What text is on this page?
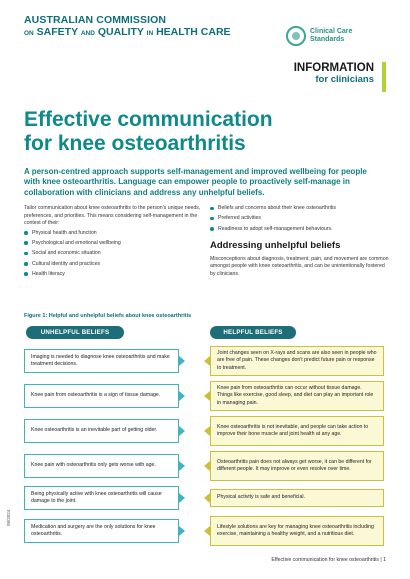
AUSTRALIAN COMMISSION
ON SAFETY AND QUALITY IN HEALTH CARE	Clinical Care
Standards
INFORMATION
for clinicians
Effective communication
for knee osteoarthritis
A person-centred approach supports self-management and improved wellbeing for people with knee osteoarthritis. Language can empower people to proactively self-manage in collaboration with clinicians and address any unhelpful beliefs.

Tailor communication about knee osteoarthritis to the person's unique needs, preferences, and priorities. This means considering self-management in the context of their:

Physical health and function
Psychological and emotional wellbeing
Social and economic situation
Cultural identity and practices
Health literacy
Beliefs and concerns about their knee osteoarthritis
Preferred activities
Readiness to adopt self-management behaviours.
Addressing unhelpful beliefs

Misconceptions about diagnosis, treatment, pain, and movement are common amongst people with knee osteoarthritis, and can be unintentionally fostered by clinicians.

Figure 1: Helpful and unhelpful beliefs about knee osteoarthritis
UNHELPFUL BELIEFS	HELPFUL BELIEFS
Imaging is needed to diagnose knee osteoarthritis and make treatment decisions.
Joint changes seen on X-rays and scans are also seen in people who are free of pain. These changes don't predict future pain or response to treatment.
Knee pain from osteoarthritis is a sign of tissue damage.
Knee pain from osteoarthritis can occur without tissue damage. Things like exercise, good sleep, and diet can play an important role in managing pain.
Knee osteoarthritis is an inevitable part of getting older.
Knee osteoarthritis is not inevitable, and people can take action to improve their bone muscle and joint health at any age.
Knee pain with osteoarthritis only gets worse with age.
Osteoarthritis pain does not always get worse, it can be different for different people. It may improve or even resolve over time.
Being physically active with knee osteoarthritis will cause damage to the joint.
Physical activity is safe and beneficial.
Medication and surgery are the only solutions for knee osteoarthritis.
Lifestyle solutions are key for managing knee osteoarthritis including exercise, maintaining a healthy weight, and a nutritious diet.
08/2024
Effective communication for knee osteoarthritis | 1
